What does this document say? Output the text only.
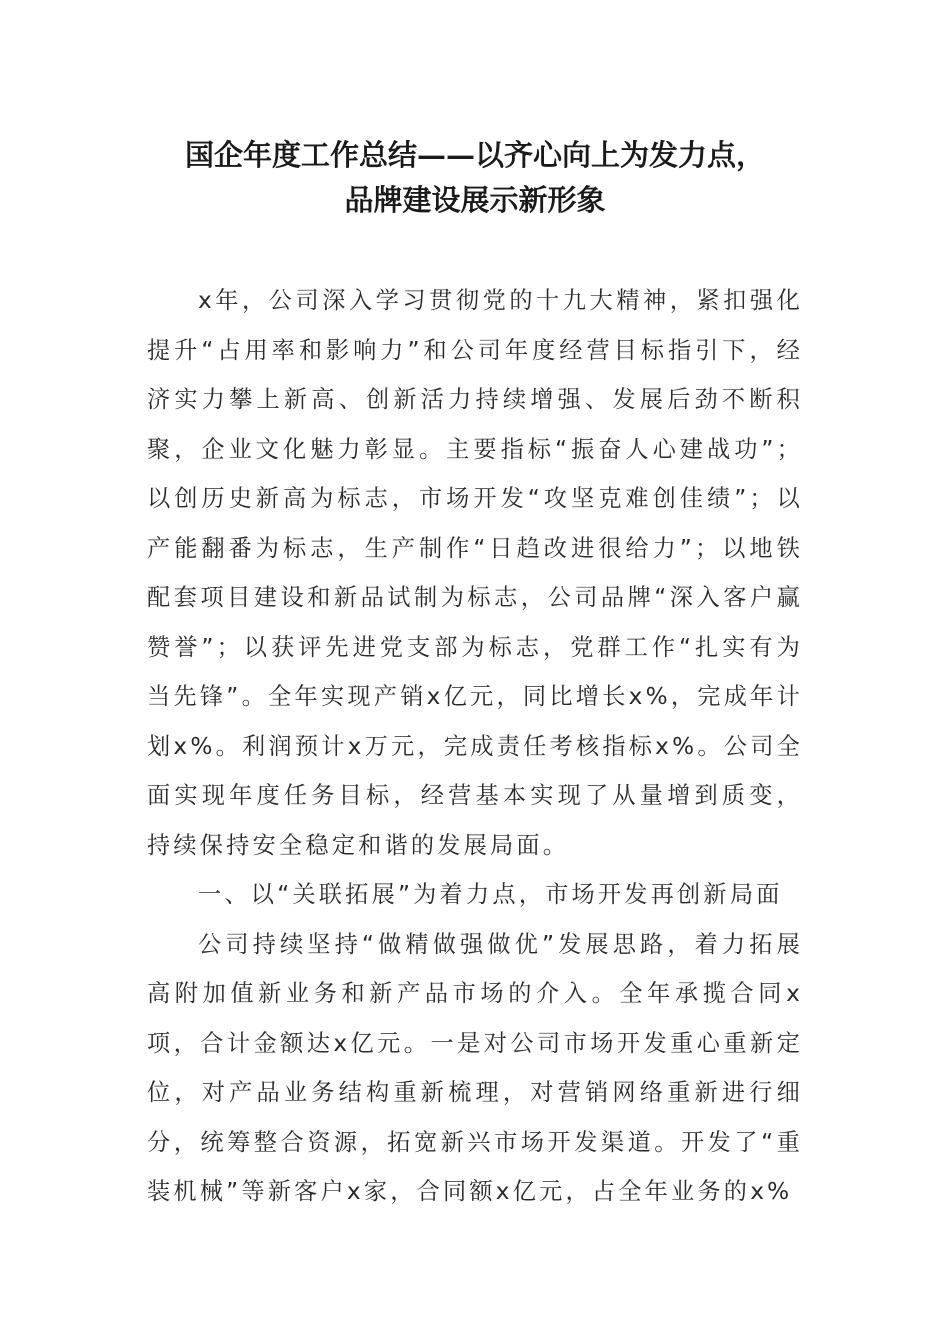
国企年度工作总结——以齐心向上为发力点，
品牌建设展示新形象

x年，公司深入学习贯彻党的十九大精神，紧扣强化提升“占用率和影响力”和公司年度经营目标指引下，经济实力攀上新高、创新活力持续增强、发展后劲不断积聚，企业文化魅力彰显。主要指标“振奋人心建战功”；以创历史新高为标志，市场开发“攻坚克难创佳绩”；以产能翻番为标志，生产制作“日趋改进很给力”；以地铁配套项目建设和新品试制为标志，公司品牌“深入客户赢赞誉”；以获评先进党支部为标志，党群工作“扎实有为当先锋”。全年实现产销x亿元，同比增长x%，完成年计划x%。利润预计x万元，完成责任考核指标x%。公司全面实现年度任务目标，经营基本实现了从量增到质变，持续保持安全稳定和谐的发展局面。

一、以“关联拓展”为着力点，市场开发再创新局面

公司持续坚持“做精做强做优”发展思路，着力拓展高附加值新业务和新产品市场的介入。全年承揽合同x项，合计金额达x亿元。一是对公司市场开发重心重新定位，对产品业务结构重新梳理，对营销网络重新进行细分，统筹整合资源，拓宽新兴市场开发渠道。开发了“重装机械”等新客户x家，合同额x亿元，占全年业务的x%
